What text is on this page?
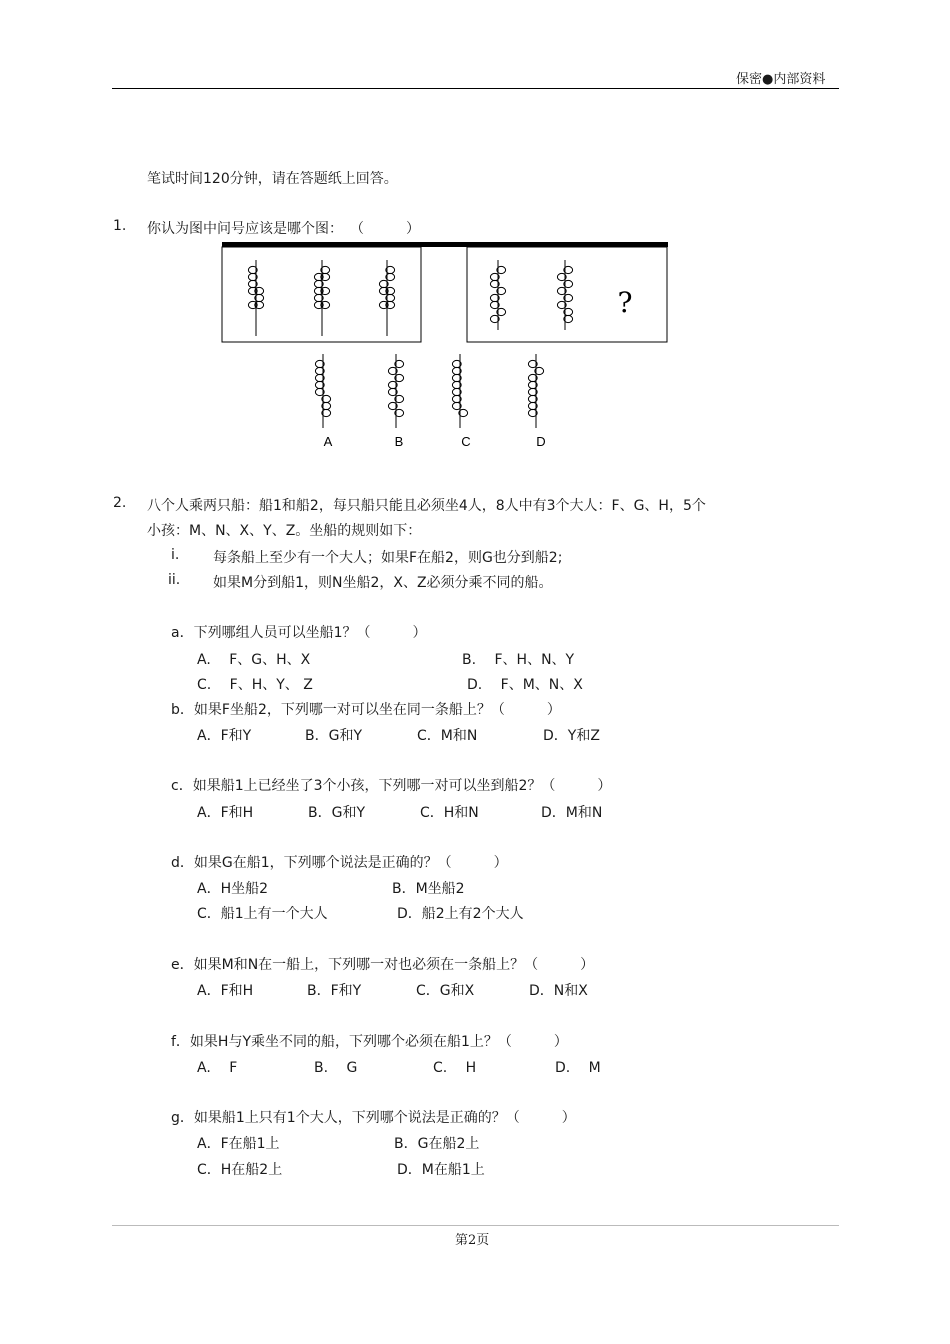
保密●内部资料
笔试时间120分钟，请在答题纸上回答。
1. 你认为图中问号应该是哪个图： （　　　）
?
A	B	C	D
2. 八个人乘两只船：船1和船2，每只船只能且必须坐4人，8人中有3个大人：F、G、H，5个
小孩：M、N、X、Y、Z。坐船的规则如下：
i. 每条船上至少有一个大人；如果F在船2，则G也分到船2;
ii. 如果M分到船1，则N坐船2，X、Z必须分乘不同的船。
a．下列哪组人员可以坐船1？（　　　）
A.　 F、G、H、X	B.　 F、H、N、Y
C.　 F、H、Y、 Z	D.　 F、M、N、X
b．如果F坐船2，下列哪一对可以坐在同一条船上？（　　　）
A．F和Y	B．G和Y	C．M和N	D．Y和Z
c．如果船1上已经坐了3个小孩，下列哪一对可以坐到船2？（　　　）
A．F和H	B．G和Y	C．H和N	D．M和N
d．如果G在船1，下列哪个说法是正确的？（　　　）
A．H坐船2	B．M坐船2
C．船1上有一个大人	D．船2上有2个大人
e．如果M和N在一船上，下列哪一对也必须在一条船上？（　　　）
A．F和H	B．F和Y	C．G和X	D．N和X
f．如果H与Y乘坐不同的船，下列哪个必须在船1上？（　　　）
A.　 F	B.　 G	C.　 H	D.　 M
g．如果船1上只有1个大人，下列哪个说法是正确的？（　　　）
A．F在船1上	B．G在船2上
C．H在船2上	D．M在船1上
第2页
